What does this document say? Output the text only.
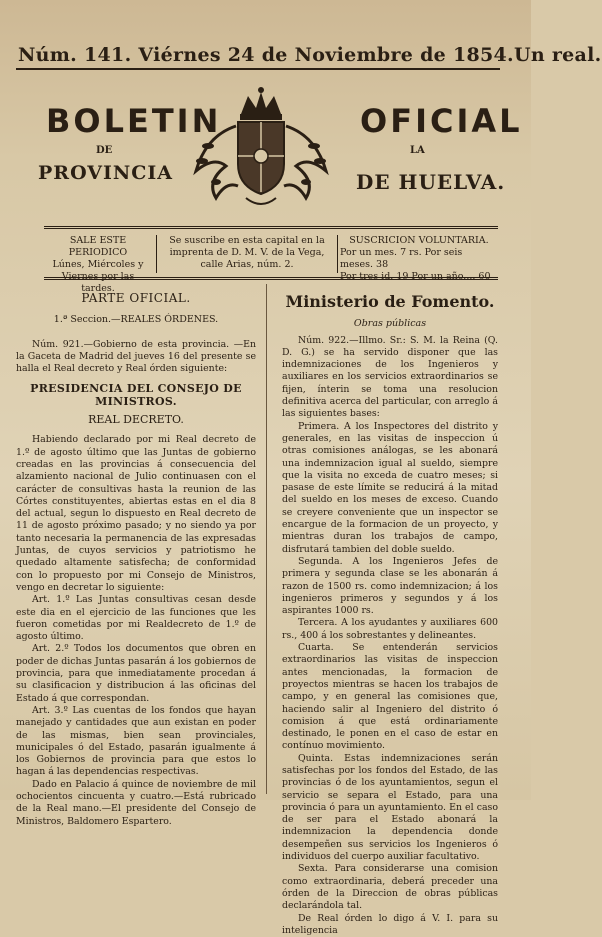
Núm. 141. Viérnes 24 de Noviembre de 1854.Un real.
BOLETIN	OFICIAL
DE	LA
PROVINCIA	DE HUELVA.
SALE ESTE PERIODICO
Lúnes, Miércoles y Viernes por las tardes.
Se suscribe en esta capital en la imprenta de D. M. V. de la Vega, calle Arias, núm. 2.
SUSCRICION VOLUNTARIA.
Por un mes. 7 rs. Por seis meses. 38
Por tres id. 19 Por un año.... 60
PARTE OFICIAL.
1.ª Seccion.—REALES ÓRDENES.

Núm. 921.—Gobierno de esta provincia. —En la Gaceta de Madrid del jueves 16 del presente se halla el Real decreto y Real órden siguiente:

PRESIDENCIA DEL CONSEJO DE MINISTROS.
REAL DECRETO.

Habiendo declarado por mi Real decreto de 1.º de agosto último que las Juntas de gobierno creadas en las provincias á consecuencia del alzamiento nacional de Julio continuasen con el carácter de consultivas hasta la reunion de las Córtes constituyentes, abiertas estas en el dia 8 del actual, segun lo dispuesto en Real decreto de 11 de agosto próximo pasado; y no siendo ya por tanto necesaria la permanencia de las expresadas Juntas, de cuyos servicios y patriotismo he quedado altamente satisfecha; de conformidad con lo propuesto por mi Consejo de Ministros, vengo en decretar lo siguiente:

Art. 1.º Las Juntas consultivas cesan desde este dia en el ejercicio de las funciones que les fueron cometidas por mi Realdecreto de 1.º de agosto último.

Art. 2.º Todos los documentos que obren en poder de dichas Juntas pasarán á los gobiernos de provincia, para que inmediatamente procedan á su clasificacion y distribucion á las oficinas del Estado á que correspondan.

Art. 3.º Las cuentas de los fondos que hayan manejado y cantidades que aun existan en poder de las mismas, bien sean provinciales, municipales ó del Estado, pasarán igualmente á los Gobiernos de provincia para que estos lo hagan á las dependencias respectivas.

Dado en Palacio á quince de noviembre de mil ochocientos cincuenta y cuatro.—Está rubricado de la Real mano.—El presidente del Consejo de Ministros, Baldomero Espartero.

Ministerio de Fomento.
Obras públicas

Núm. 922.—Illmo. Sr.: S. M. la Reina (Q. D. G.) se ha servido disponer que las indemnizaciones de los Ingenieros y auxiliares en los servicios extraordinarios se fijen, ínterin se toma una resolucion definitiva acerca del particular, con arreglo á las siguientes bases:

Primera. A los Inspectores del distrito y generales, en las visitas de inspeccion ú otras comisiones análogas, se les abonará una indemnizacion igual al sueldo, siempre que la visita no exceda de cuatro meses; si pasase de este límite se reducirá á la mitad del sueldo en los meses de exceso. Cuando se creyere conveniente que un inspector se encargue de la formacion de un proyecto, y mientras duran los trabajos de campo, disfrutará tambien del doble sueldo.

Segunda. A los Ingenieros Jefes de primera y segunda clase se les abonarán á razon de 1500 rs. como indemnizacion; á los ingenieros primeros y segundos y á los aspirantes 1000 rs.

Tercera. A los ayudantes y auxiliares 600 rs., 400 á los sobrestantes y delineantes.

Cuarta. Se entenderán servicios extraordinarios las visitas de inspeccion antes mencionadas, la formacion de proyectos mientras se hacen los trabajos de campo, y en general las comisiones que, haciendo salir al Ingeniero del distrito ó comision á que está ordinariamente destinado, le ponen en el caso de estar en contínuo movimiento.

Quinta. Estas indemnizaciones serán satisfechas por los fondos del Estado, de las provincias ó de los ayuntamientos, segun el servicio se separa el Estado, para una provincia ó para un ayuntamiento. En el caso de ser para el Estado abonará la indemnizacion la dependencia donde desempeñen sus servicios los Ingenieros ó individuos del cuerpo auxiliar facultativo.

Sexta. Para considerarse una comision como extraordinaria, deberá preceder una órden de la Direccion de obras públicas declarándola tal.

De Real órden lo digo á V. I. para su inteligencia
